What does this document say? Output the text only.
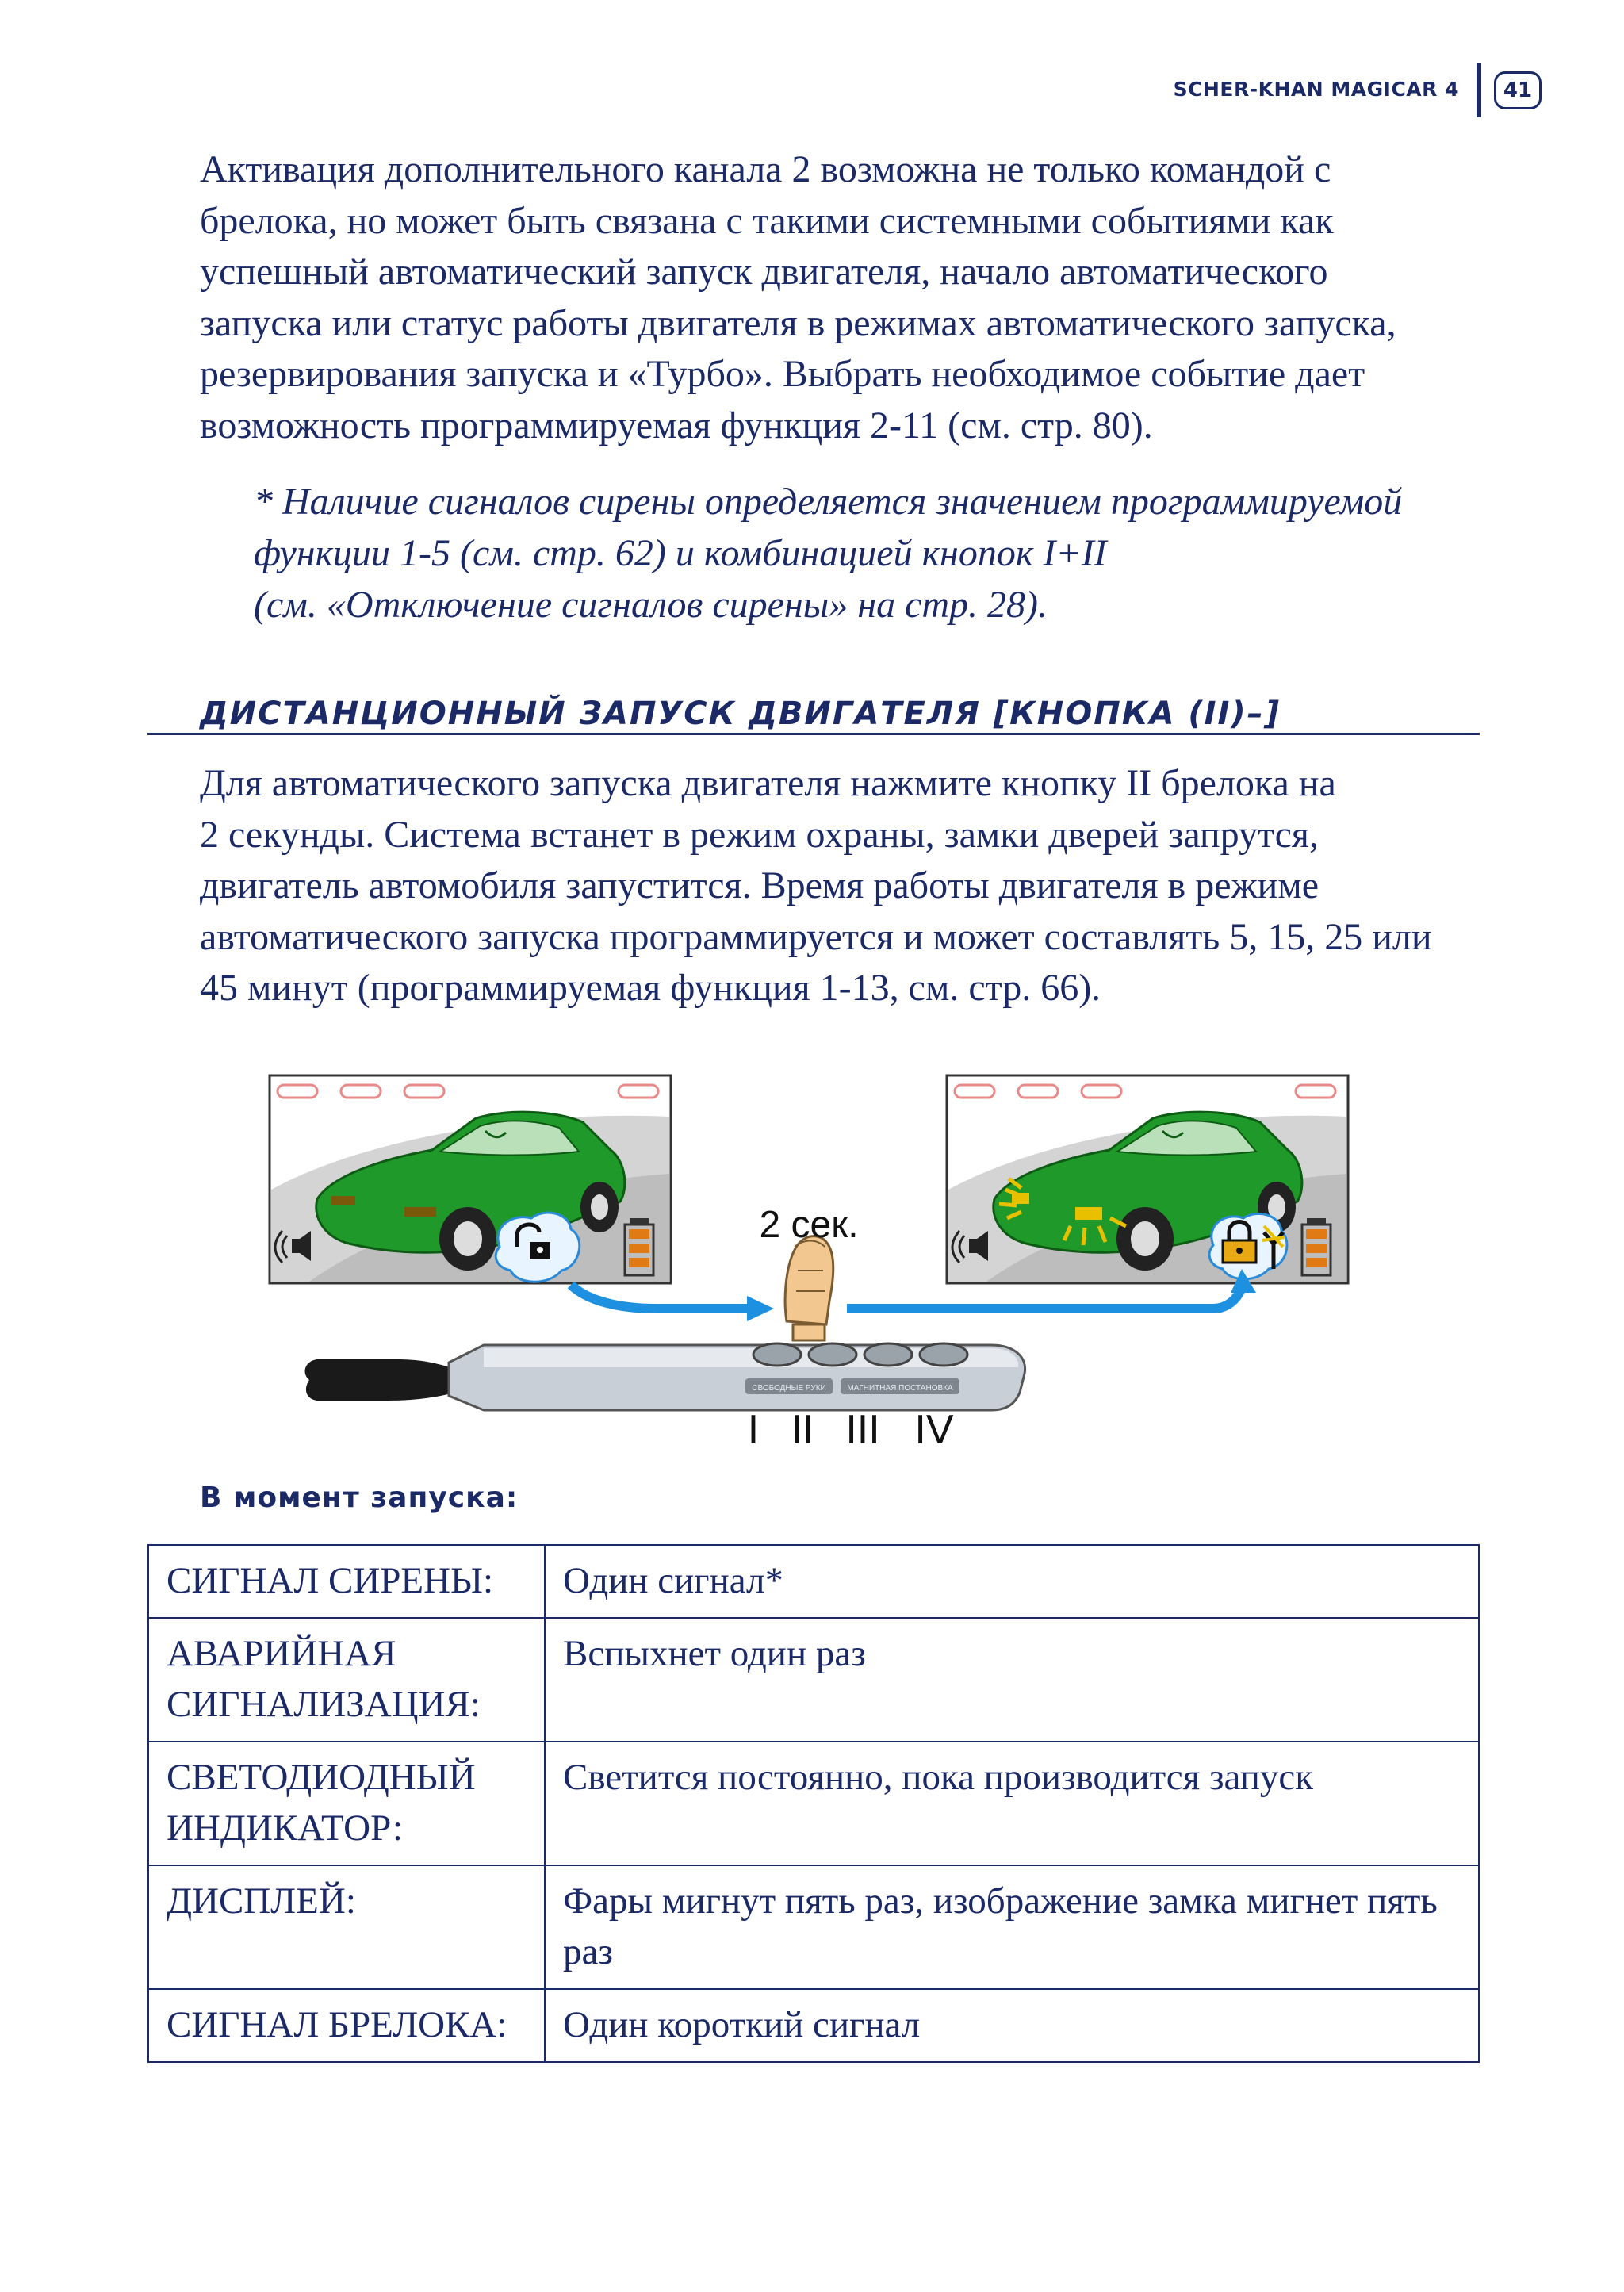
SCHER-KHAN MAGICAR 4	41

Активация дополнительного канала 2 возможна не только командой с
брелока, но может быть связана с такими системными событиями как
успешный автоматический запуск двигателя, начало автоматического
запуска или статус работы двигателя в режимах автоматического запуска,
резервирования запуска и «Турбо». Выбрать необходимое событие дает
возможность программируемая функция 2-11 (см. стр. 80).

* Наличие сигналов сирены определяется значением программируемой
функции 1-5 (см. стр. 62) и комбинацией кнопок I+II
(см. «Отключение сигналов сирены» на стр. 28).

ДИСТАНЦИОННЫЙ ЗАПУСК ДВИГАТЕЛЯ [КНОПКА (II)–]

Для автоматического запуска двигателя нажмите кнопку II брелока на
2 секунды. Система встанет в режим охраны, замки дверей запрутся,
двигатель автомобиля запустится. Время работы двигателя в режиме
автоматического запуска программируется и может составлять 5, 15, 25 или
45 минут (программируемая функция 1-13, см. стр. 66).

2 сек.
СВОБОДНЫЕ РУКИ	МАГНИТНАЯ ПОСТАНОВКА
I II III IV
В момент запуска:
СИГНАЛ СИРЕНЫ:	Один сигнал*
АВАРИЙНАЯ СИГНАЛИЗАЦИЯ:	Вспыхнет один раз
СВЕТОДИОДНЫЙ ИНДИКАТОР:	Светится постоянно, пока производится запуск
ДИСПЛЕЙ:	Фары мигнут пять раз, изображение замка мигнет пять раз
СИГНАЛ БРЕЛОКА:	Один короткий сигнал
